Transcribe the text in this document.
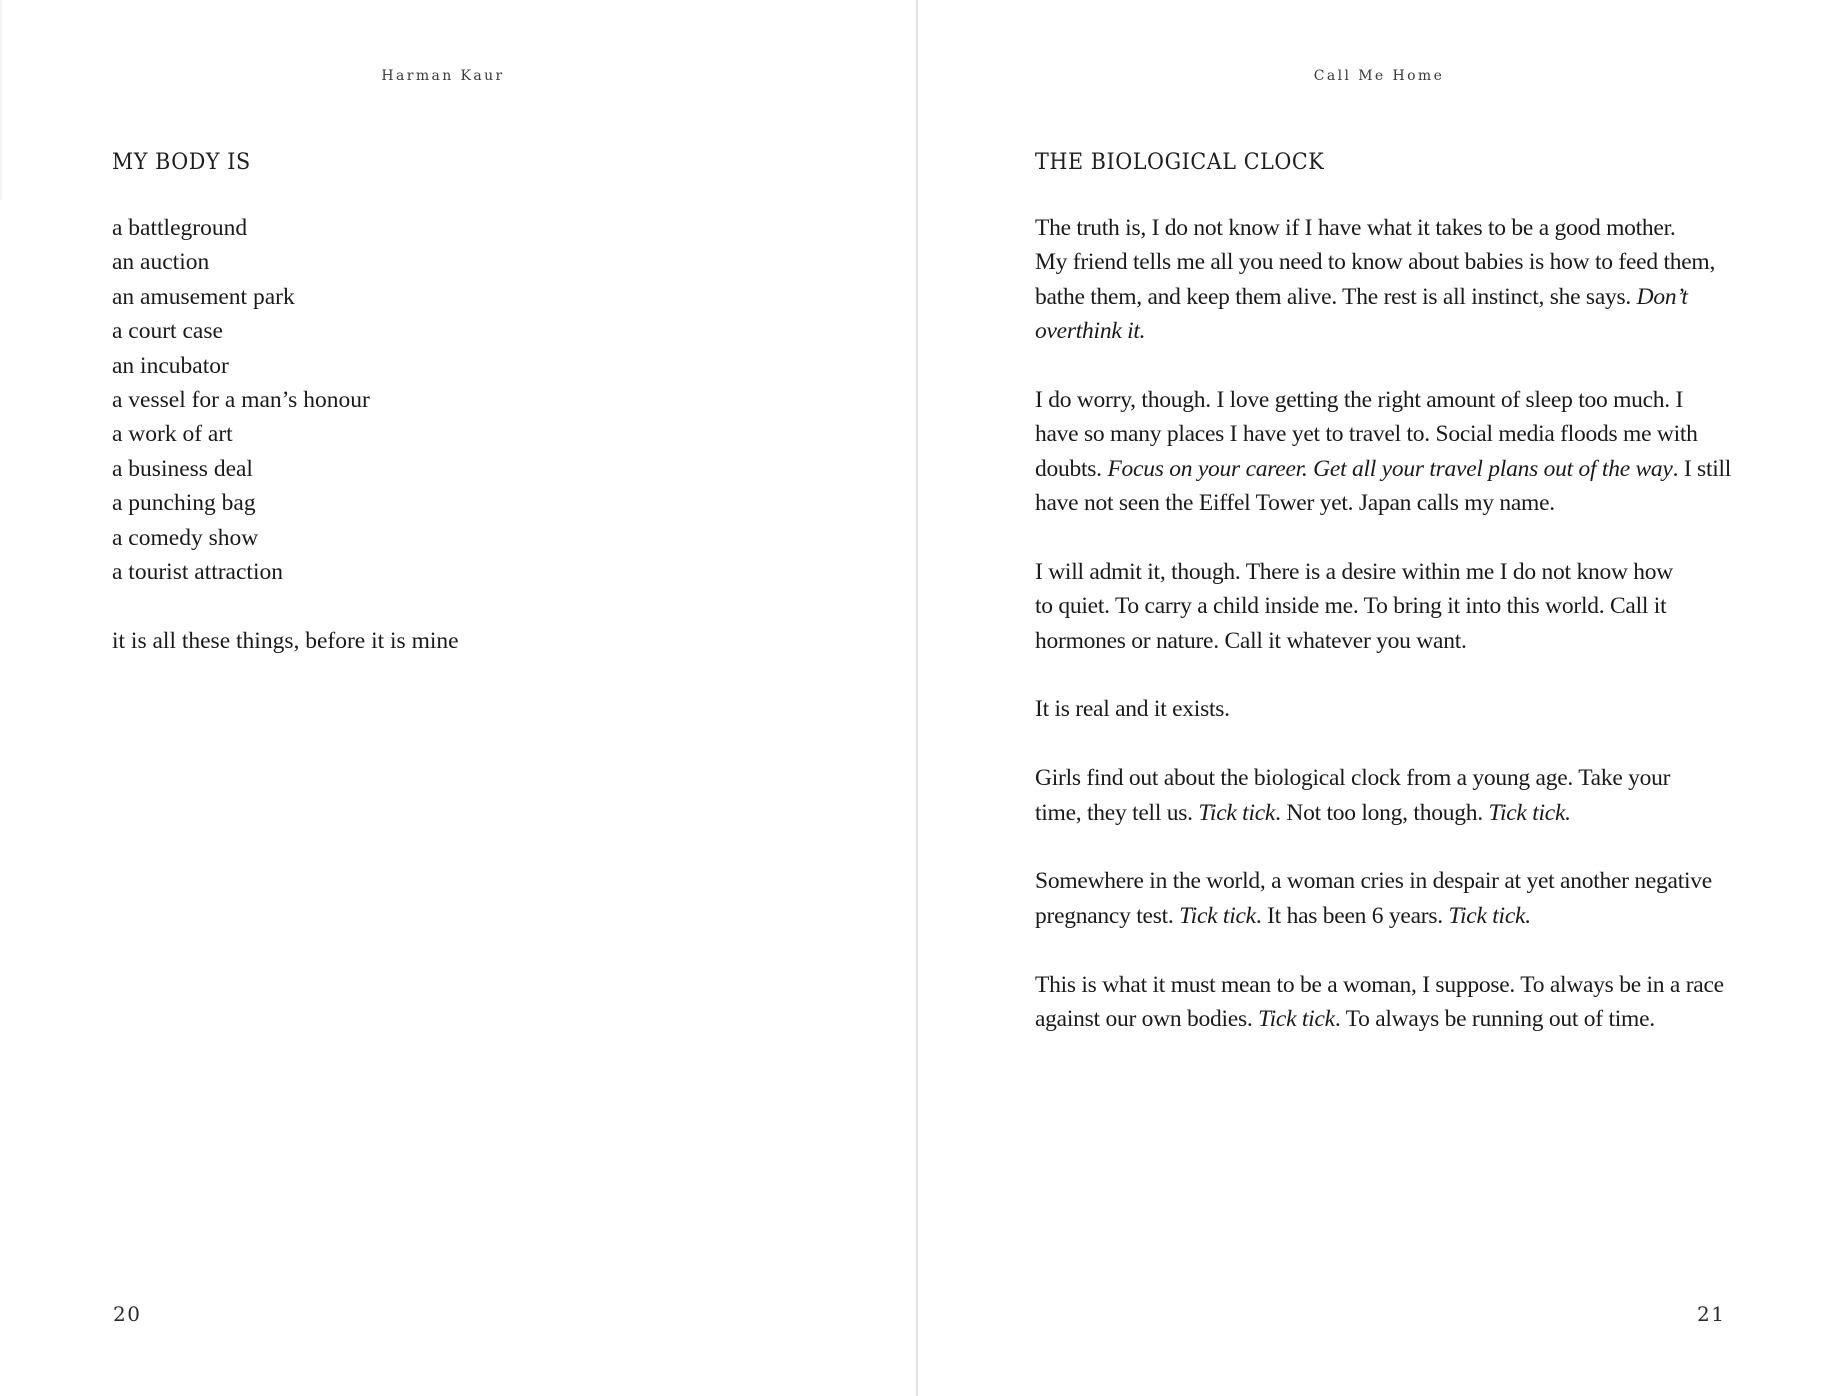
Harman Kaur
MY BODY IS
a battleground
an auction
an amusement park
a court case
an incubator
a vessel for a man’s honour
a work of art
a business deal
a punching bag
a comedy show
a tourist attraction
it is all these things, before it is mine
20
Call Me Home
THE BIOLOGICAL CLOCK
The truth is, I do not know if I have what it takes to be a good mother.
My friend tells me all you need to know about babies is how to feed them,
bathe them, and keep them alive. The rest is all instinct, she says. Don’t
overthink it.
I do worry, though. I love getting the right amount of sleep too much. I
have so many places I have yet to travel to. Social media floods me with
doubts. Focus on your career. Get all your travel plans out of the way. I still
have not seen the Eiffel Tower yet. Japan calls my name.
I will admit it, though. There is a desire within me I do not know how
to quiet. To carry a child inside me. To bring it into this world. Call it
hormones or nature. Call it whatever you want.
It is real and it exists.
Girls find out about the biological clock from a young age. Take your
time, they tell us. Tick tick. Not too long, though. Tick tick.
Somewhere in the world, a woman cries in despair at yet another negative
pregnancy test. Tick tick. It has been 6 years. Tick tick.
This is what it must mean to be a woman, I suppose. To always be in a race
against our own bodies. Tick tick. To always be running out of time.
21
